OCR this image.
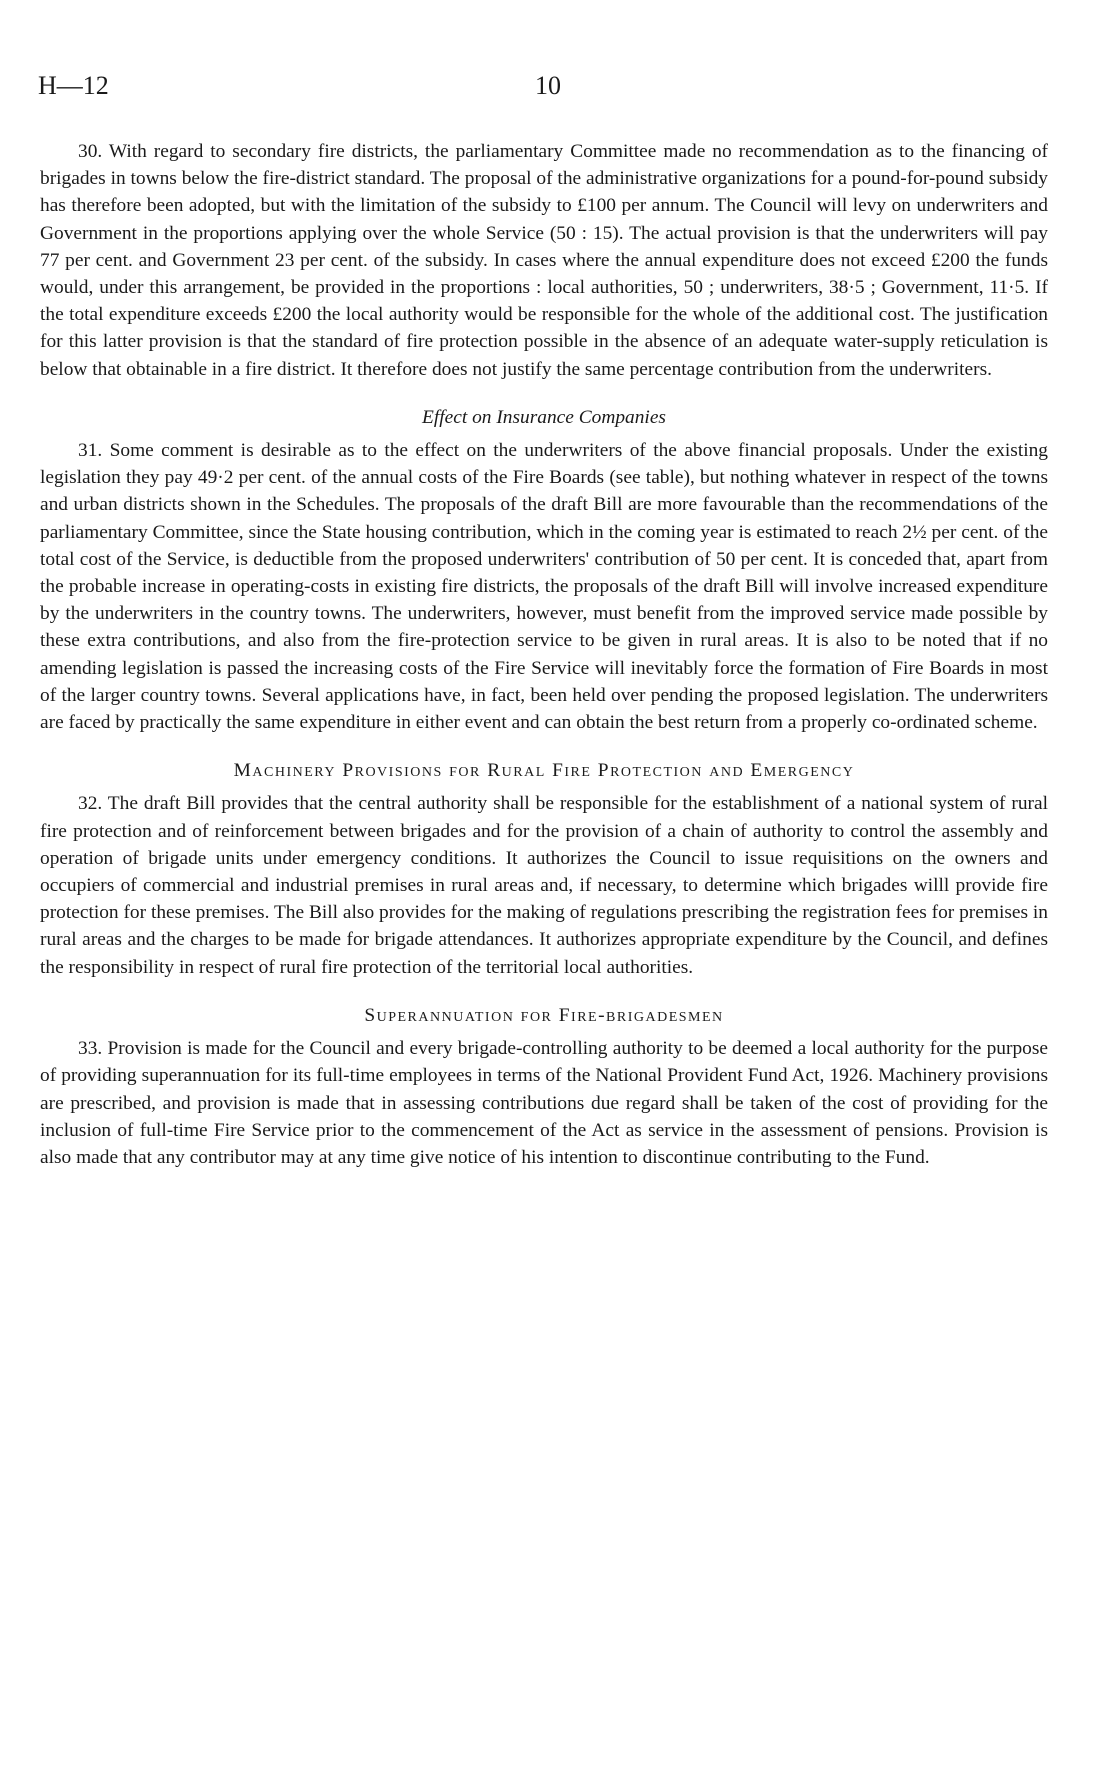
H—12	10

30. With regard to secondary fire districts, the parliamentary Committee made no recommendation as to the financing of brigades in towns below the fire-district standard. The proposal of the administrative organizations for a pound-for-pound subsidy has therefore been adopted, but with the limitation of the subsidy to £100 per annum. The Council will levy on underwriters and Government in the proportions applying over the whole Service (50 : 15). The actual provision is that the underwriters will pay 77 per cent. and Government 23 per cent. of the subsidy. In cases where the annual expenditure does not exceed £200 the funds would, under this arrangement, be provided in the proportions : local authorities, 50 ; underwriters, 38·5 ; Government, 11·5. If the total expenditure exceeds £200 the local authority would be responsible for the whole of the additional cost. The justification for this latter provision is that the standard of fire protection possible in the absence of an adequate water-supply reticulation is below that obtainable in a fire district. It therefore does not justify the same percentage contribution from the underwriters.

Effect on Insurance Companies

31. Some comment is desirable as to the effect on the underwriters of the above financial proposals. Under the existing legislation they pay 49·2 per cent. of the annual costs of the Fire Boards (see table), but nothing whatever in respect of the towns and urban districts shown in the Schedules. The proposals of the draft Bill are more favourable than the recommendations of the parliamentary Committee, since the State housing contribution, which in the coming year is estimated to reach 2½ per cent. of the total cost of the Service, is deductible from the proposed underwriters' contribution of 50 per cent. It is conceded that, apart from the probable increase in operating-costs in existing fire districts, the proposals of the draft Bill will involve increased expenditure by the underwriters in the country towns. The underwriters, however, must benefit from the improved service made possible by these extra contributions, and also from the fire-protection service to be given in rural areas. It is also to be noted that if no amending legislation is passed the increasing costs of the Fire Service will inevitably force the formation of Fire Boards in most of the larger country towns. Several applications have, in fact, been held over pending the proposed legislation. The underwriters are faced by practically the same expenditure in either event and can obtain the best return from a properly co-ordinated scheme.

Machinery Provisions for Rural Fire Protection and Emergency

32. The draft Bill provides that the central authority shall be responsible for the establishment of a national system of rural fire protection and of reinforcement between brigades and for the provision of a chain of authority to control the assembly and operation of brigade units under emergency conditions. It authorizes the Council to issue requisitions on the owners and occupiers of commercial and industrial premises in rural areas and, if necessary, to determine which brigades willl provide fire protection for these premises. The Bill also provides for the making of regulations prescribing the registration fees for premises in rural areas and the charges to be made for brigade attendances. It authorizes appropriate expenditure by the Council, and defines the responsibility in respect of rural fire protection of the territorial local authorities.

Superannuation for Fire-brigadesmen

33. Provision is made for the Council and every brigade-controlling authority to be deemed a local authority for the purpose of providing superannuation for its full-time employees in terms of the National Provident Fund Act, 1926. Machinery provisions are prescribed, and provision is made that in assessing contributions due regard shall be taken of the cost of providing for the inclusion of full-time Fire Service prior to the commencement of the Act as service in the assessment of pensions. Provision is also made that any contributor may at any time give notice of his intention to discontinue contributing to the Fund.
